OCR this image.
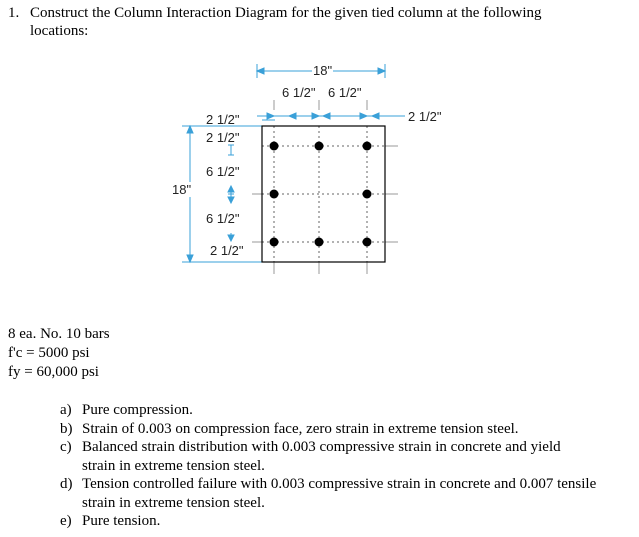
1. Construct the Column Interaction Diagram for the given tied column at the following
locations:
18"
6 1/2" 6 1/2"
2 1/2"
2 1/2"
2 1/2"
6 1/2"
18"
6 1/2"
2 1/2"
8 ea. No. 10 bars
f'c = 5000 psi
fy = 60,000 psi
a) Pure compression.
b) Strain of 0.003 on compression face, zero strain in extreme tension steel.
c) Balanced strain distribution with 0.003 compressive strain in concrete and yield strain in extreme tension steel.
d) Tension controlled failure with 0.003 compressive strain in concrete and 0.007 tensile strain in extreme tension steel.
e) Pure tension.
